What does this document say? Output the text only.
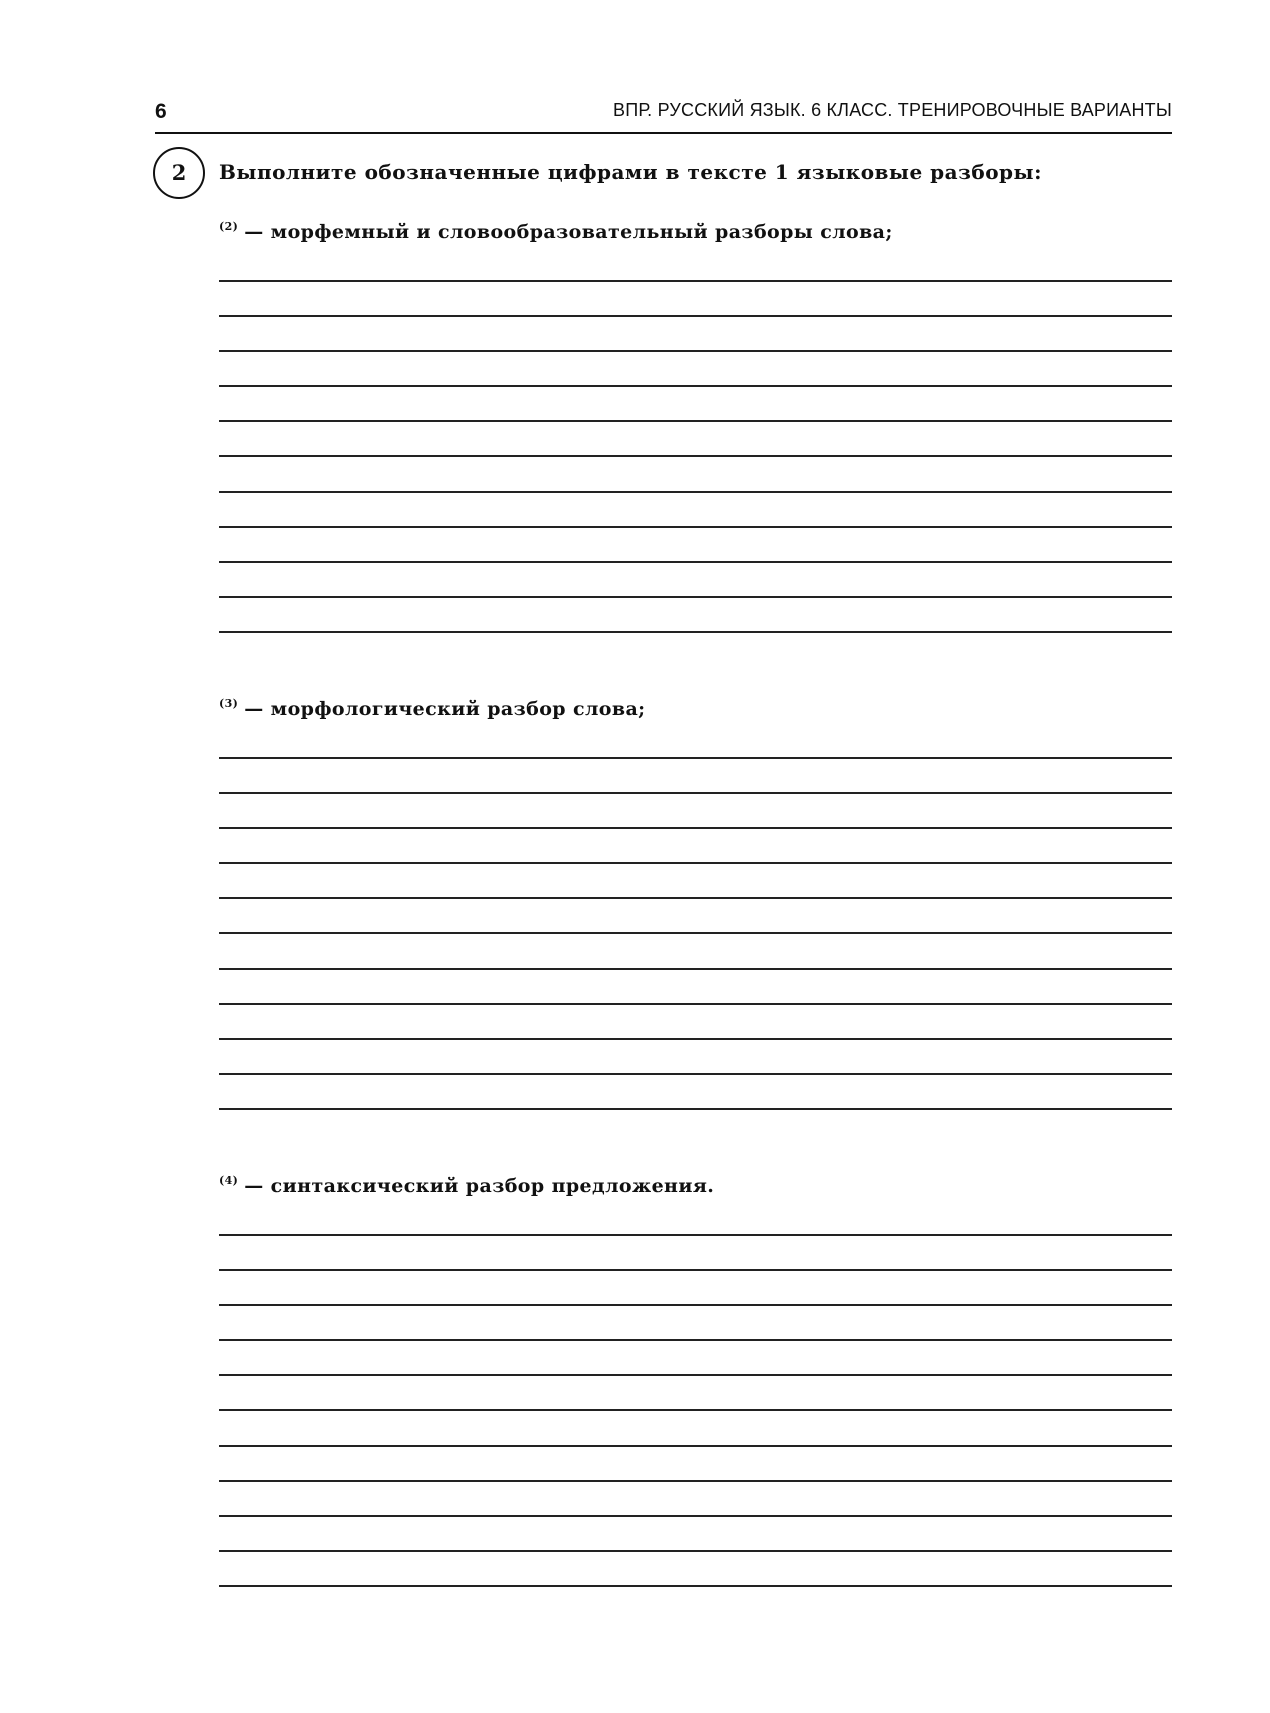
6	ВПР. РУССКИЙ ЯЗЫК. 6 КЛАСС. ТРЕНИРОВОЧНЫЕ ВАРИАНТЫ
2	Выполните обозначенные цифрами в тексте 1 языковые разборы:
$^{(2)}$ — морфемный и словообразовательный разборы слова;
$^{(3)}$ — морфологический разбор слова;
$^{(4)}$ — синтаксический разбор предложения.
